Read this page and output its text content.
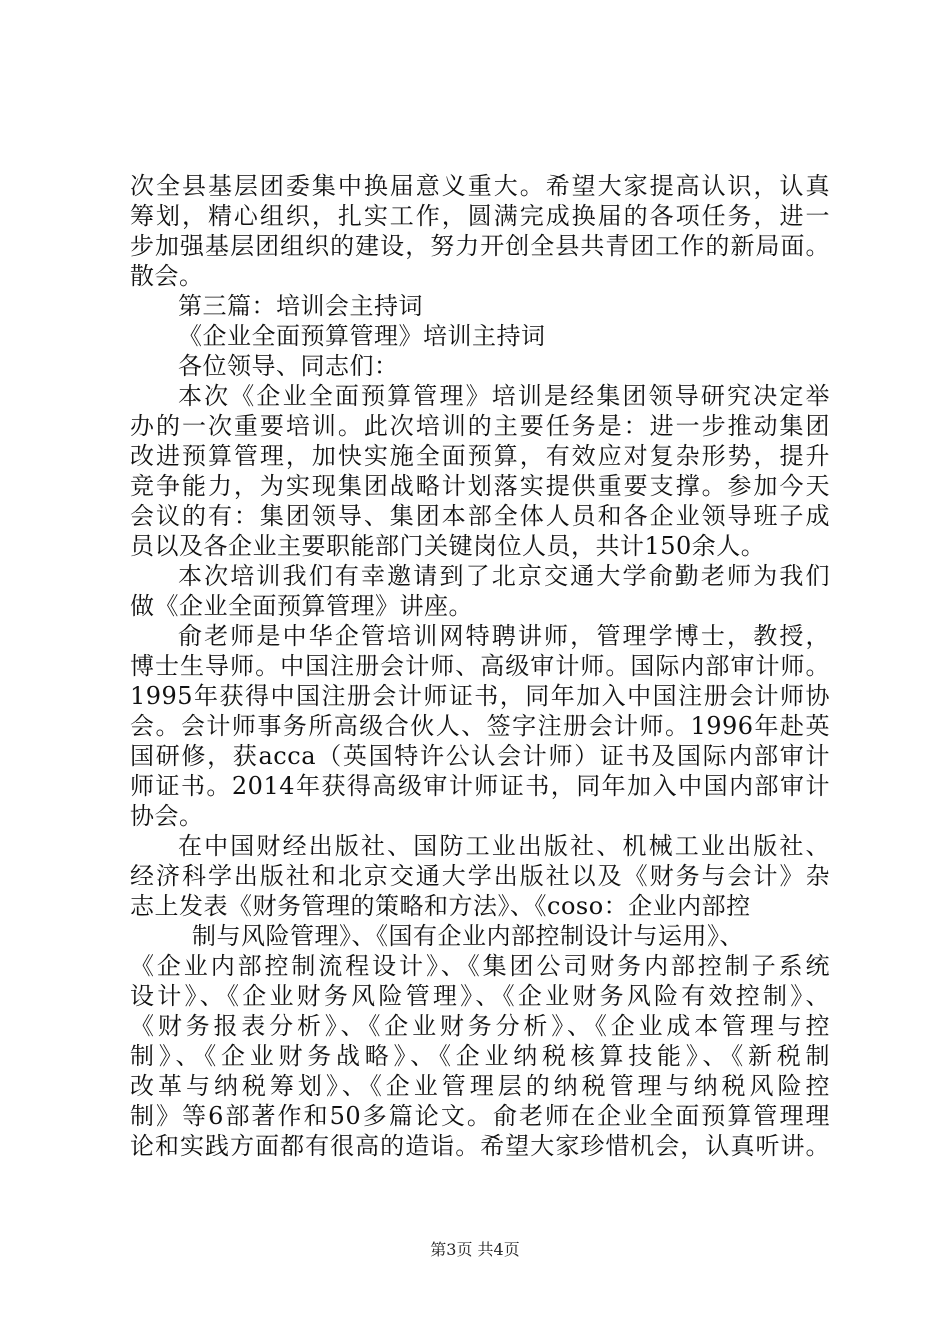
次全县基层团委集中换届意义重大。希望大家提高认识，认真
筹划，精心组织，扎实工作，圆满完成换届的各项任务，进一
步加强基层团组织的建设，努力开创全县共青团工作的新局面。
散会。
第三篇：培训会主持词
《企业全面预算管理》培训主持词
各位领导、同志们：
本次《企业全面预算管理》培训是经集团领导研究决定举
办的一次重要培训。此次培训的主要任务是：进一步推动集团
改进预算管理，加快实施全面预算，有效应对复杂形势，提升
竞争能力，为实现集团战略计划落实提供重要支撑。参加今天
会议的有：集团领导、集团本部全体人员和各企业领导班子成
员以及各企业主要职能部门关键岗位人员，共计150余人。
本次培训我们有幸邀请到了北京交通大学俞勤老师为我们
做《企业全面预算管理》讲座。
俞老师是中华企管培训网特聘讲师，管理学博士，教授，
博士生导师。中国注册会计师、高级审计师。国际内部审计师。
1995年获得中国注册会计师证书，同年加入中国注册会计师协
会。会计师事务所高级合伙人、签字注册会计师。1996年赴英
国研修，获acca（英国特许公认会计师）证书及国际内部审计
师证书。2014年获得高级审计师证书，同年加入中国内部审计
协会。
在中国财经出版社、国防工业出版社、机械工业出版社、
经济科学出版社和北京交通大学出版社以及《财务与会计》杂
志上发表《财务管理的策略和方法》、《coso：企业内部控
制与风险管理》、《国有企业内部控制设计与运用》、
《企业内部控制流程设计》、《集团公司财务内部控制子系统
设计》、《企业财务风险管理》、《企业财务风险有效控制》、
《财务报表分析》、《企业财务分析》、《企业成本管理与控
制》、《企业财务战略》、《企业纳税核算技能》、《新税制
改革与纳税筹划》、《企业管理层的纳税管理与纳税风险控
制》等6部著作和50多篇论文。俞老师在企业全面预算管理理
论和实践方面都有很高的造诣。希望大家珍惜机会，认真听讲。
第3页 共4页
